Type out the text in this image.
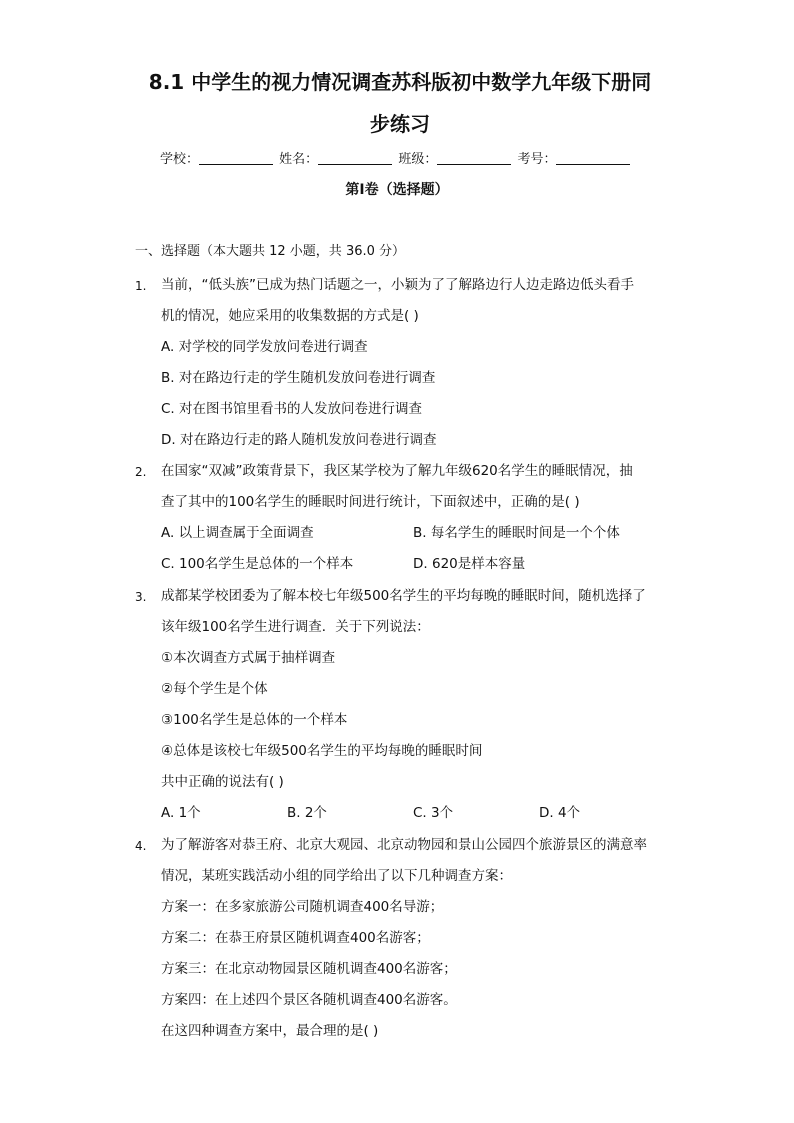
8.1 中学生的视力情况调查苏科版初中数学九年级下册同
步练习
学校：	姓名：	班级：	考号：
第I卷（选择题）
一、选择题（本大题共 12 小题，共 36.0 分）
1. 当前，“低头族”已成为热门话题之一，小颖为了了解路边行人边走路边低头看手
机的情况，她应采用的收集数据的方式是( )
A. 对学校的同学发放问卷进行调查
B. 对在路边行走的学生随机发放问卷进行调查
C. 对在图书馆里看书的人发放问卷进行调查
D. 对在路边行走的路人随机发放问卷进行调查
2. 在国家“双减”政策背景下，我区某学校为了解九年级620名学生的睡眠情况，抽
查了其中的100名学生的睡眠时间进行统计，下面叙述中，正确的是( )
A. 以上调查属于全面调查	B. 每名学生的睡眠时间是一个个体
C. 100名学生是总体的一个样本	D. 620是样本容量
3. 成都某学校团委为了解本校七年级500名学生的平均每晚的睡眠时间，随机选择了
该年级100名学生进行调查．关于下列说法：
①本次调查方式属于抽样调查
②每个学生是个体
③100名学生是总体的一个样本
④总体是该校七年级500名学生的平均每晚的睡眠时间
共中正确的说法有( )
A. 1个	B. 2个	C. 3个	D. 4个
4. 为了解游客对恭王府、北京大观园、北京动物园和景山公园四个旅游景区的满意率
情况，某班实践活动小组的同学给出了以下几种调查方案：
方案一：在多家旅游公司随机调查400名导游；
方案二：在恭王府景区随机调查400名游客；
方案三：在北京动物园景区随机调查400名游客；
方案四：在上述四个景区各随机调查400名游客。
在这四种调查方案中，最合理的是( )
